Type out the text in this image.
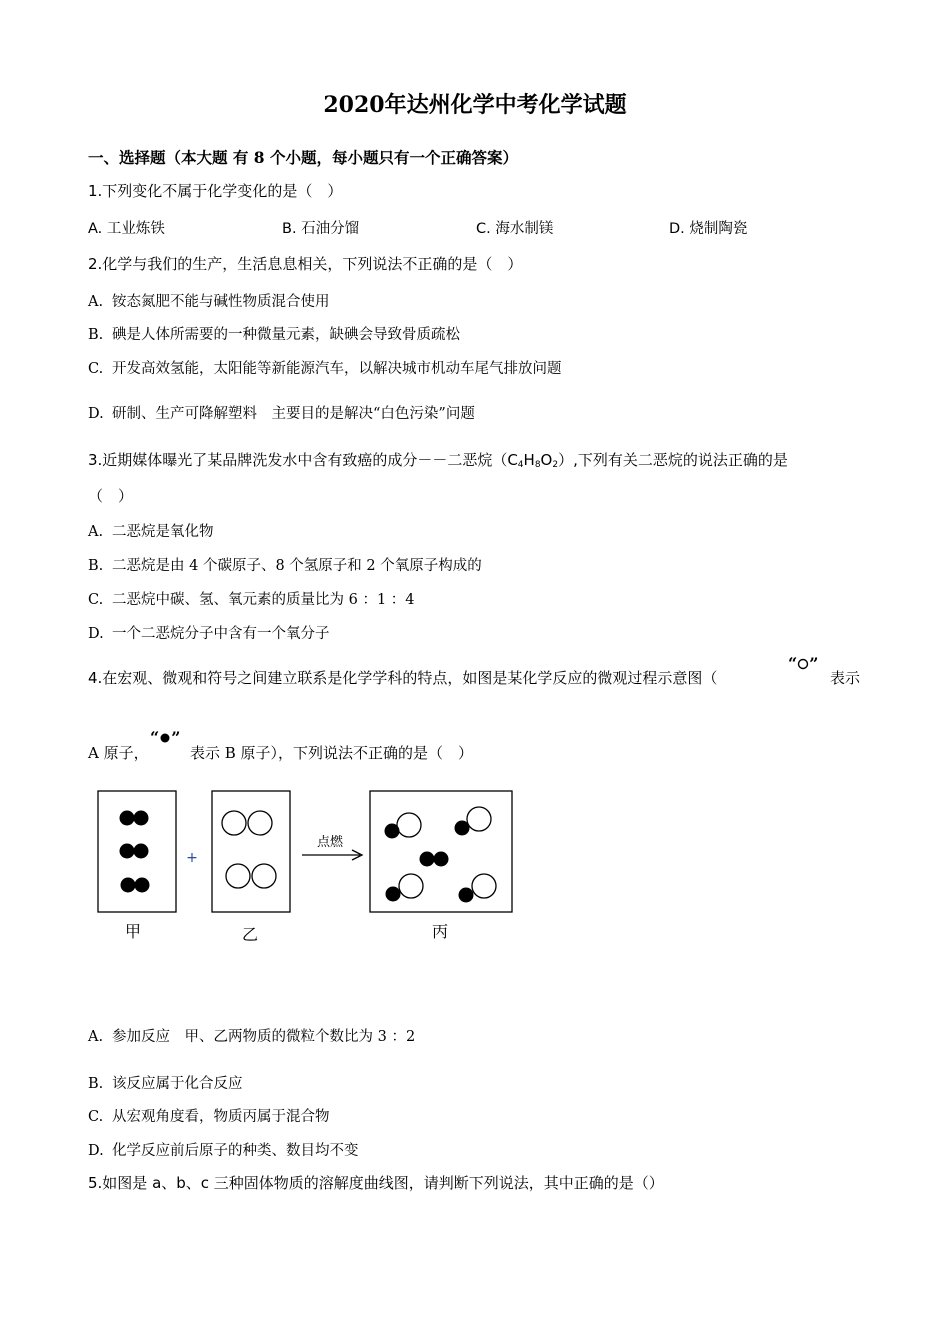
2020年达州化学中考化学试题
一、选择题（本大题 有 8 个小题，每小题只有一个正确答案）
1.下列变化不属于化学变化的是（　）
A. 工业炼铁	B. 石油分馏	C. 海水制镁	D. 烧制陶瓷
2.化学与我们的生产，生活息息相关，下列说法不正确的是（　）
A. 铵态氮肥不能与碱性物质混合使用
B. 碘是人体所需要的一种微量元素，缺碘会导致骨质疏松
C. 开发高效氢能，太阳能等新能源汽车，以解决城市机动车尾气排放问题
D. 研制、生产可降解塑料　主要目的是解决“白色污染”问题
3.近期媒体曝光了某品牌洗发水中含有致癌的成分－－二恶烷$(C_4H_8O_2)$,下列有关二恶烷的说法正确的是
（　）
A. 二恶烷是氧化物
B. 二恶烷是由 4 个碳原子、8 个氢原子和 2 个氧原子构成的
C. 二恶烷中碳、氢、氧元素的质量比为 6 ：1 ：4
D. 一个二恶烷分子中含有一个氧分子
4.在宏观、微观和符号之间建立联系是化学学科的特点，如图是某化学反应的微观过程示意图（
“ ”
表示
A 原子，
“ ”
表示 B 原子），下列说法不正确的是（　）
甲
+
乙
点燃
丙
A. 参加反应　甲、乙两物质的微粒个数比为 3 ：2
B. 该反应属于化合反应
C. 从宏观角度看，物质丙属于混合物
D. 化学反应前后原子的种类、数目均不变
5.如图是 a、b、c 三种固体物质的溶解度曲线图，请判断下列说法，其中正确的是（）
